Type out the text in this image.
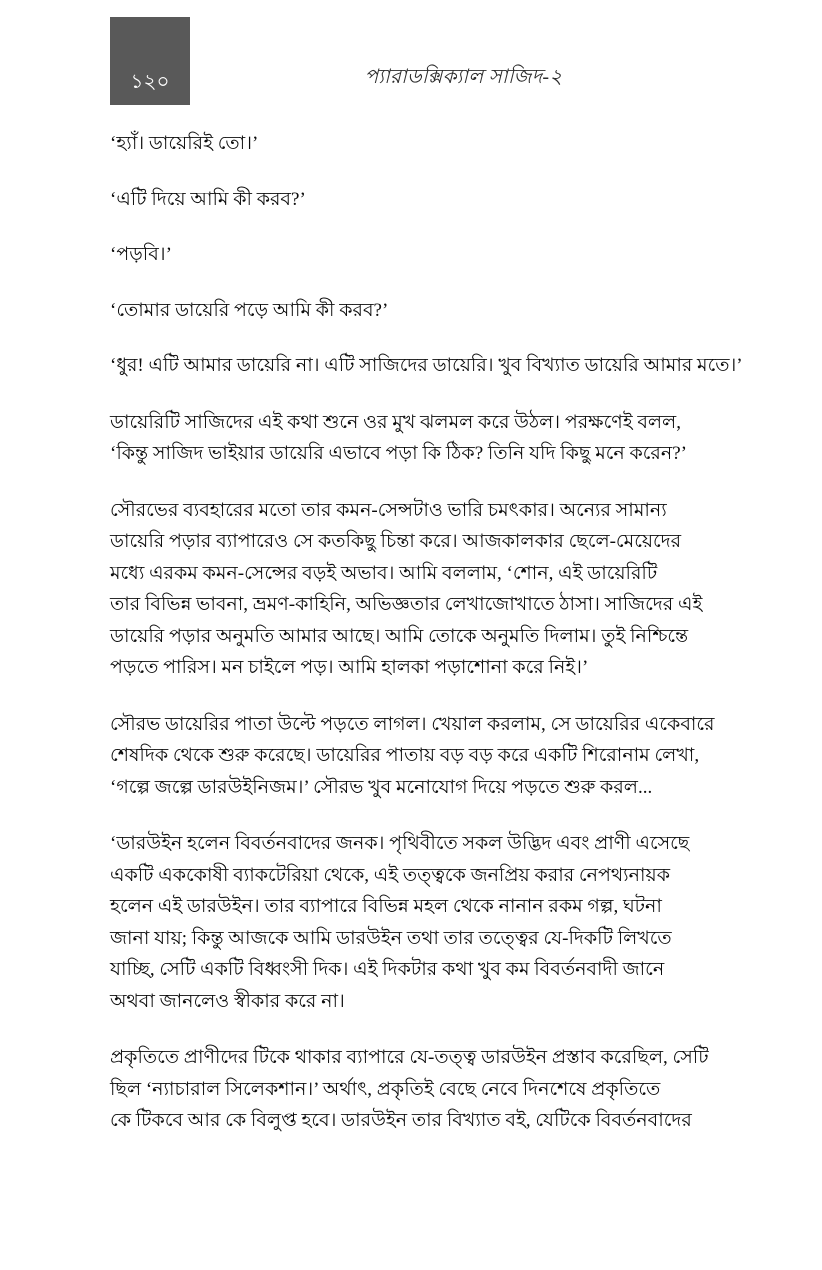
১২০	প্যারাডক্সিক্যাল সাজিদ-২

‘হ্যাঁ। ডায়েরিই তো।’

‘এটি দিয়ে আমি কী করব?’

‘পড়বি।’

‘তোমার ডায়েরি পড়ে আমি কী করব?’

‘ধুর! এটি আমার ডায়েরি না। এটি সাজিদের ডায়েরি। খুব বিখ্যাত ডায়েরি আমার মতে।’

ডায়েরিটি সাজিদের এই কথা শুনে ওর মুখ ঝলমল করে উঠল। পরক্ষণেই বলল,
‘কিন্তু সাজিদ ভাইয়ার ডায়েরি এভাবে পড়া কি ঠিক? তিনি যদি কিছু মনে করেন?’

সৌরভের ব্যবহারের মতো তার কমন-সেন্সটাও ভারি চমৎকার। অন্যের সামান্য
ডায়েরি পড়ার ব্যাপারেও সে কতকিছু চিন্তা করে। আজকালকার ছেলে-মেয়েদের
মধ্যে এরকম কমন-সেন্সের বড়ই অভাব। আমি বললাম, ‘শোন, এই ডায়েরিটি
তার বিভিন্ন ভাবনা, ভ্রমণ-কাহিনি, অভিজ্ঞতার লেখাজোখাতে ঠাসা। সাজিদের এই
ডায়েরি পড়ার অনুমতি আমার আছে। আমি তোকে অনুমতি দিলাম। তুই নিশ্চিন্তে
পড়তে পারিস। মন চাইলে পড়। আমি হালকা পড়াশোনা করে নিই।’

সৌরভ ডায়েরির পাতা উল্টে পড়তে লাগল। খেয়াল করলাম, সে ডায়েরির একেবারে
শেষদিক থেকে শুরু করেছে। ডায়েরির পাতায় বড় বড় করে একটি শিরোনাম লেখা,
‘গল্পে জল্পে ডারউইনিজম।’ সৌরভ খুব মনোযোগ দিয়ে পড়তে শুরু করল...

‘ডারউইন হলেন বিবর্তনবাদের জনক। পৃথিবীতে সকল উদ্ভিদ এবং প্রাণী এসেছে
একটি এককোষী ব্যাকটেরিয়া থেকে, এই তত্ত্বকে জনপ্রিয় করার নেপথ্যনায়ক
হলেন এই ডারউইন। তার ব্যাপারে বিভিন্ন মহল থেকে নানান রকম গল্প, ঘটনা
জানা যায়; কিন্তু আজকে আমি ডারউইন তথা তার তত্ত্বের যে-দিকটি লিখতে
যাচ্ছি, সেটি একটি বিধ্বংসী দিক। এই দিকটার কথা খুব কম বিবর্তনবাদী জানে
অথবা জানলেও স্বীকার করে না।

প্রকৃতিতে প্রাণীদের টিকে থাকার ব্যাপারে যে-তত্ত্ব ডারউইন প্রস্তাব করেছিল, সেটি
ছিল ‘ন্যাচারাল সিলেকশান।’ অর্থাৎ, প্রকৃতিই বেছে নেবে দিনশেষে প্রকৃতিতে
কে টিকবে আর কে বিলুপ্ত হবে। ডারউইন তার বিখ্যাত বই, যেটিকে বিবর্তনবাদের
